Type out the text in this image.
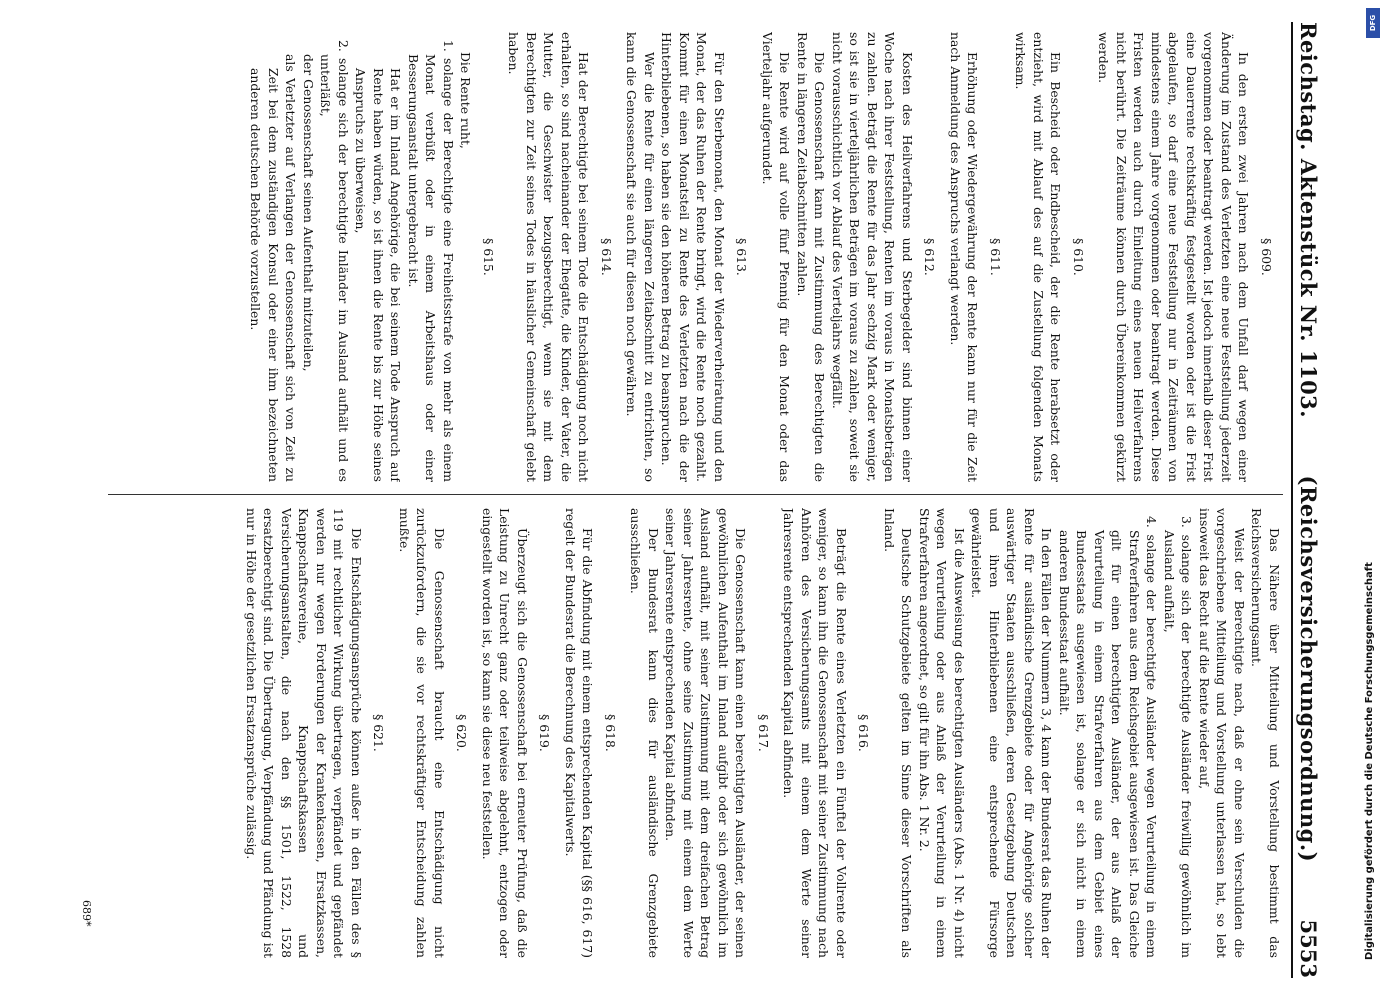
Reichstag. Aktenstück Nr. 1103.
(Reichsversicherungsordnung.)
5553

§ 609.

In den ersten zwei Jahren nach dem Unfall darf wegen einer Änderung im Zustand des Verletzten eine neue Feststellung jederzeit vorgenommen oder beantragt werden. Ist jedoch innerhalb dieser Frist eine Dauerrente rechtskräftig festgestellt worden oder ist die Frist abgelaufen, so darf eine neue Feststellung nur in Zeiträumen von mindestens einem Jahre vorgenommen oder beantragt werden. Diese Fristen werden auch durch Einleitung eines neuen Heilverfahrens nicht berührt. Die Zeiträume können durch Übereinkommen gekürzt werden.

§ 610.

Ein Bescheid oder Endbescheid, der die Rente herabsetzt oder entzieht, wird mit Ablauf des auf die Zustellung folgenden Monats wirksam.

§ 611.

Erhöhung oder Wiedergewährung der Rente kann nur für die Zeit nach Anmeldung des Anspruchs verlangt werden.

§ 612.

Kosten des Heilverfahrens und Sterbegelder sind binnen einer Woche nach ihrer Feststellung, Renten im voraus in Monatsbeträgen zu zahlen. Beträgt die Rente für das Jahr sechzig Mark oder weniger, so ist sie in vierteljährlichen Beträgen im voraus zu zahlen, soweit sie nicht vorausschichtlich vor Ablauf des Vierteljahrs wegfällt.

Die Genossenschaft kann mit Zustimmung des Berechtigten die Rente in längeren Zeitabschnitten zahlen.

Die Rente wird auf volle fünf Pfennig für den Monat oder das Vierteljahr aufgerundet.

§ 613.

Für den Sterbemonat, den Monat der Wiederverheiratung und den Monat, der das Ruhen der Rente bringt, wird die Rente noch gezahlt. Kommt für einen Monatsteil zu Rente des Verletzten nach die der Hinterbliebenen, so haben sie den höheren Betrag zu beanspruchen.

Wer die Rente für einen längeren Zeitabschnitt zu entrichten, so kann die Genossenschaft sie auch für diesen noch gewähren.

§ 614.

Hat der Berechtigte bei seinem Tode die Entschädigung noch nicht erhalten, so sind nacheinander der Ehegatte, die Kinder, der Vater, die Mutter, die Geschwister bezugsberechtigt, wenn sie mit dem Berechtigten zur Zeit seines Todes in häuslicher Gemeinschaft gelebt haben.

§ 615.

Die Rente ruht,

1. solange der Berechtigte eine Freiheitsstrafe von mehr als einem Monat verbüßt oder in einem Arbeitshaus oder einer Besserungsanstalt untergebracht ist.

Hat er im Inland Angehörige, die bei seinem Tode Anspruch auf Rente haben würden, so ist ihnen die Rente bis zur Höhe seines Anspruchs zu überweisen,

2. solange sich der berechtigte Inländer im Ausland aufhält und es unterläßt,

der Genossenschaft seinen Aufenthalt mitzuteilen,

als Verletzter auf Verlangen der Genossenschaft sich von Zeit zu Zeit bei dem zuständigen Konsul oder einer ihm bezeichneten anderen deutschen Behörde vorzustellen.

Das Nähere über Mitteilung und Vorstellung bestimmt das Reichsversicherungsamt.

Weist der Berechtigte nach, daß er ohne sein Verschulden die vorgeschriebene Mitteilung und Vorstellung unterlassen hat, so lebt insoweit das Recht auf die Rente wieder auf,

3. solange sich der berechtigte Ausländer freiwillig gewöhnlich im Ausland aufhält,

4. solange der berechtigte Ausländer wegen Verurteilung in einem Strafverfahren aus dem Reichsgebiet ausgewiesen ist. Das Gleiche gilt für einen berechtigten Ausländer, der aus Anlaß der Verurteilung in einem Strafverfahren aus dem Gebiet eines Bundesstaats ausgewiesen ist, solange er sich nicht in einem anderen Bundesstaat aufhält.

In den Fällen der Nummern 3, 4 kann der Bundesrat das Ruhen der Rente für ausländische Grenzgebiete oder für Angehörige solcher auswärtiger Staaten ausschließen, deren Gesetzgebung Deutschen und ihren Hinterbliebenen eine entsprechende Fürsorge gewährleistet.

Ist die Ausweisung des berechtigten Ausländers (Abs. 1 Nr. 4) nicht wegen Verurteilung oder aus Anlaß der Verurteilung in einem Strafverfahren angeordnet, so gilt für ihn Abs. 1 Nr. 2.

Deutsche Schutzgebiete gelten im Sinne dieser Vorschriften als Inland.

§ 616.

Beträgt die Rente eines Verletzten ein Fünftel der Vollrente oder weniger, so kann ihn die Genossenschaft mit seiner Zustimmung nach Anhören des Versicherungsamts mit einem dem Werte seiner Jahresrente entsprechenden Kapital abfinden.

§ 617.

Die Genossenschaft kann einen berechtigten Ausländer, der seinen gewöhnlichen Aufenthalt im Inland aufgibt oder sich gewöhnlich im Ausland aufhält, mit seiner Zustimmung mit dem dreifachen Betrag seiner Jahresrente, ohne seine Zustimmung mit einem dem Werte seiner Jahresrente entsprechenden Kapital abfinden.

Der Bundesrat kann dies für ausländische Grenzgebiete ausschließen.

§ 618.

Für die Abfindung mit einem entsprechenden Kapital (§§ 616, 617) regelt der Bundesrat die Berechnung des Kapitalwerts.

§ 619.

Überzeugt sich die Genossenschaft bei erneuter Prüfung, daß die Leistung zu Unrecht ganz oder teilweise abgelehnt, entzogen oder eingestellt worden ist, so kann sie diese neu feststellen.

§ 620.

Die Genossenschaft braucht eine Entschädigung nicht zurückzufordern, die sie vor rechtskräftiger Entscheidung zahlen mußte.

§ 621.

Die Entschädigungsansprüche können außer in den Fällen des § 119 mit rechtlicher Wirkung übertragen, verpfändet und gepfändet werden nur wegen Forderungen der Krankenkassen, Ersatzkassen, Knappschaftsvereine, Knappschaftskassen und Versicherungsanstalten, die nach den §§ 1501, 1522, 1528 ersatzberechtigt sind. Die Übertragung, Verpfändung und Pfändung ist nur in Höhe der gesetzlichen Ersatzansprüche zulässig.

689*	Digitalisierung gefördert durch die Deutsche Forschungsgemeinschaft
DFG
